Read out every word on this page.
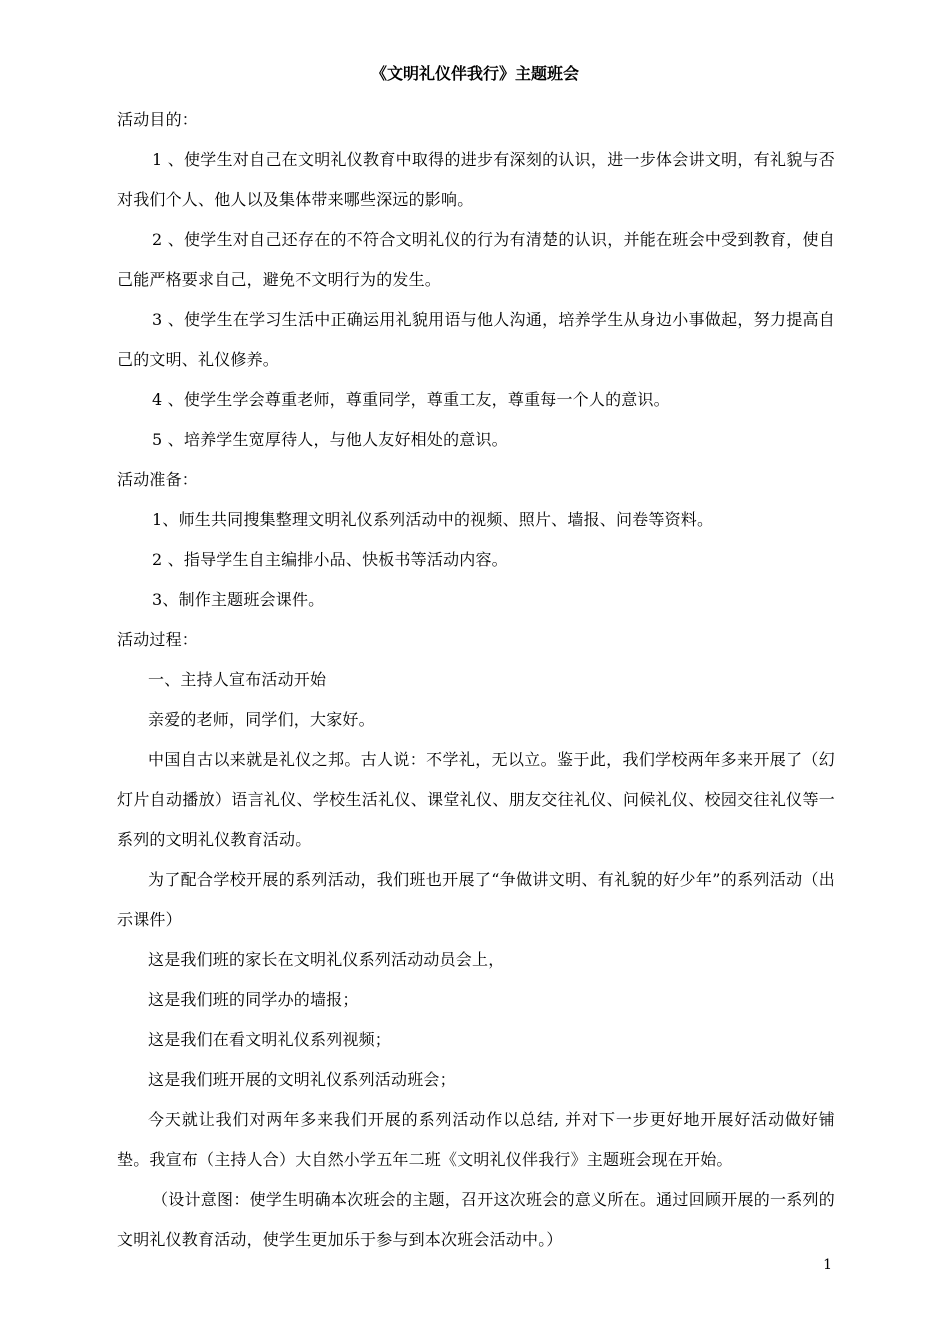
《文明礼仪伴我行》主题班会

活动目的：

1 、使学生对自己在文明礼仪教育中取得的进步有深刻的认识，进一步体会讲文明，有礼貌与否对我们个人、他人以及集体带来哪些深远的影响。

2 、使学生对自己还存在的不符合文明礼仪的行为有清楚的认识，并能在班会中受到教育，使自己能严格要求自己，避免不文明行为的发生。

3 、使学生在学习生活中正确运用礼貌用语与他人沟通，培养学生从身边小事做起，努力提高自己的文明、礼仪修养。

4 、使学生学会尊重老师，尊重同学，尊重工友，尊重每一个人的意识。

5 、培养学生宽厚待人，与他人友好相处的意识。

活动准备：

1、师生共同搜集整理文明礼仪系列活动中的视频、照片、墙报、问卷等资料。

2 、指导学生自主编排小品、快板书等活动内容。

3、制作主题班会课件。

活动过程：

一、主持人宣布活动开始

亲爱的老师，同学们，大家好。

中国自古以来就是礼仪之邦。古人说：不学礼，无以立。鉴于此，我们学校两年多来开展了（幻灯片自动播放）语言礼仪、学校生活礼仪、课堂礼仪、朋友交往礼仪、问候礼仪、校园交往礼仪等一系列的文明礼仪教育活动。

为了配合学校开展的系列活动，我们班也开展了“争做讲文明、有礼貌的好少年”的系列活动（出示课件）

这是我们班的家长在文明礼仪系列活动动员会上，

这是我们班的同学办的墙报；

这是我们在看文明礼仪系列视频；

这是我们班开展的文明礼仪系列活动班会；

今天就让我们对两年多来我们开展的系列活动作以总结, 并对下一步更好地开展好活动做好铺垫。我宣布（主持人合）大自然小学五年二班《文明礼仪伴我行》主题班会现在开始。

（设计意图：使学生明确本次班会的主题，召开这次班会的意义所在。通过回顾开展的一系列的文明礼仪教育活动，使学生更加乐于参与到本次班会活动中。）

1
